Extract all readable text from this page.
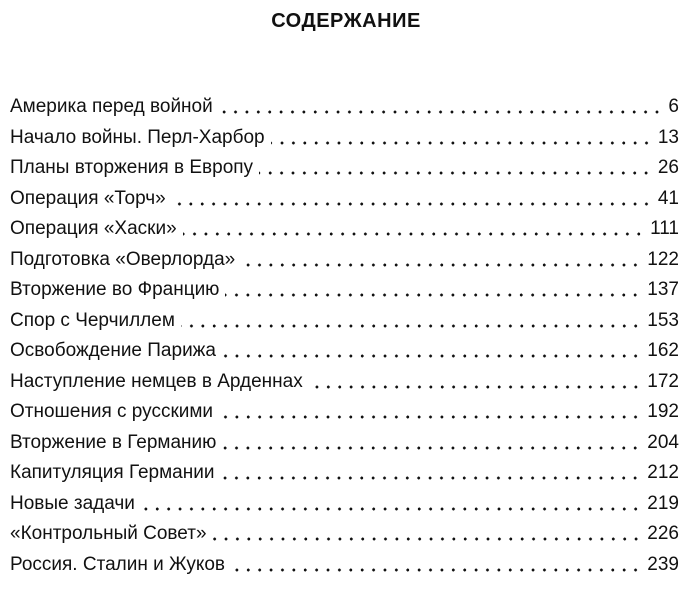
СОДЕРЖАНИЕ
Америка перед войной	6
Начало войны. Перл-Харбор	13
Планы вторжения в Европу	26
Операция «Торч»	41
Операция «Хаски»	111
Подготовка «Оверлорда»	122
Вторжение во Францию	137
Спор с Черчиллем	153
Освобождение Парижа	162
Наступление немцев в Арденнах	172
Отношения с русскими	192
Вторжение в Германию	204
Капитуляция Германии	212
Новые задачи	219
«Контрольный Совет»	226
Россия. Сталин и Жуков	239
